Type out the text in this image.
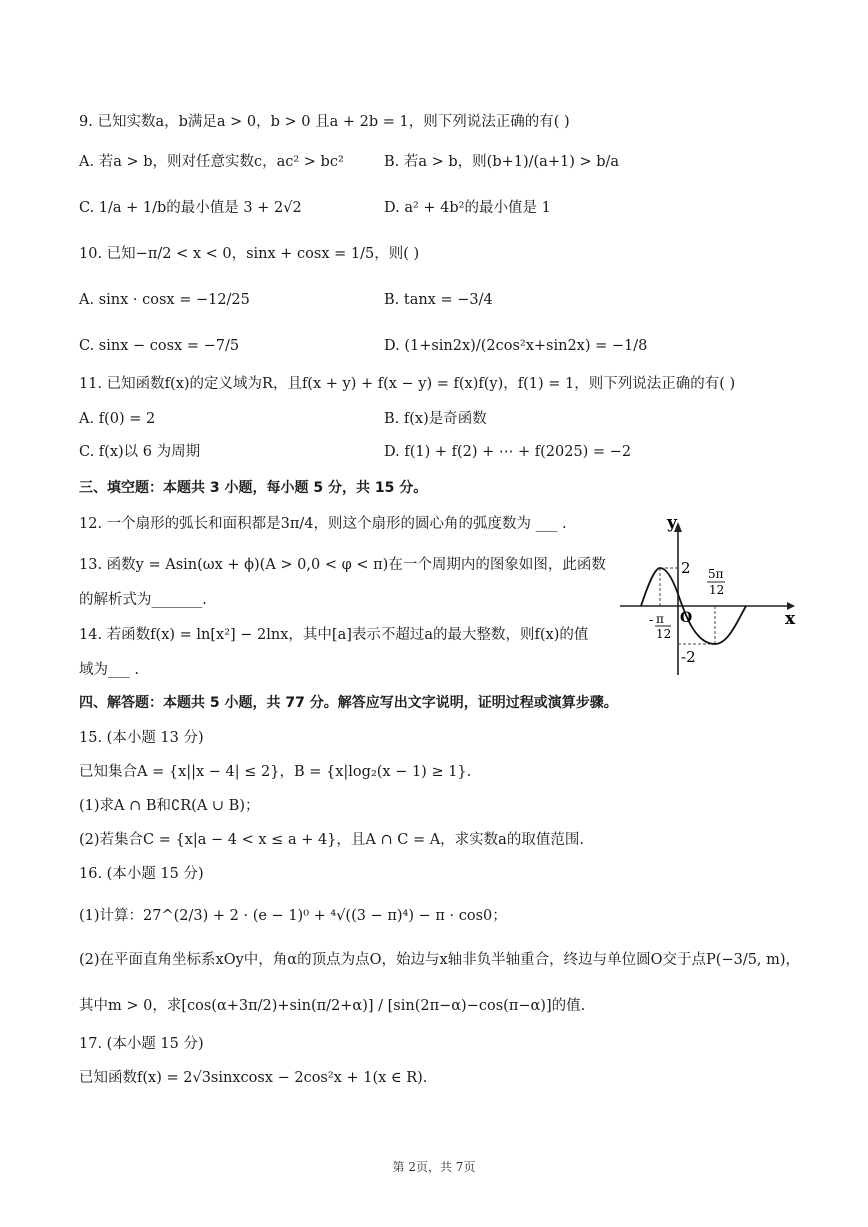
9. 已知实数a，b满足a > 0，b > 0 且a + 2b = 1，则下列说法正确的有( )
A. 若a > b，则对任意实数c，ac² > bc²	B. 若a > b，则(b+1)/(a+1) > b/a
C. 1/a + 1/b的最小值是 3 + 2√2	D. a² + 4b²的最小值是 1
10. 已知−π/2 < x < 0，sinx + cosx = 1/5，则( )
A. sinx · cosx = −12/25	B. tanx = −3/4
C. sinx − cosx = −7/5	D. (1+sin2x)/(2cos²x+sin2x) = −1/8
11. 已知函数f(x)的定义域为R，且f(x + y) + f(x − y) = f(x)f(y)，f(1) = 1，则下列说法正确的有( )
A. f(0) = 2	B. f(x)是奇函数
C. f(x)以 6 为周期	D. f(1) + f(2) + ⋯ + f(2025) = −2
三、填空题：本题共 3 小题，每小题 5 分，共 15 分。
12. 一个扇形的弧长和面积都是3π/4，则这个扇形的圆心角的弧度数为 ___ .
13. 函数y = Asin(ωx + ϕ)(A > 0,0 < φ < π)在一个周期内的图象如图，此函数
的解析式为_______.
14. 若函数f(x) = ln[x²] − 2lnx，其中[a]表示不超过a的最大整数，则f(x)的值
域为___ .
x
y
2
-2
O
- π
12
5π
12
四、解答题：本题共 5 小题，共 77 分。解答应写出文字说明，证明过程或演算步骤。
15. (本小题 13 分)
已知集合A = {x||x − 4| ≤ 2}，B = {x|log₂(x − 1) ≥ 1}.
(1)求A ∩ B和∁R(A ∪ B)；
(2)若集合C = {x|a − 4 < x ≤ a + 4}，且A ∩ C = A，求实数a的取值范围.
16. (本小题 15 分)
(1)计算：27^(2/3) + 2 · (e − 1)⁰ + ⁴√((3 − π)⁴) − π · cos0；
(2)在平面直角坐标系xOy中，角α的顶点为点O，始边与x轴非负半轴重合，终边与单位圆O交于点P(−3/5, m)，
其中m > 0，求[cos(α+3π/2)+sin(π/2+α)] / [sin(2π−α)−cos(π−α)]的值.
17. (本小题 15 分)
已知函数f(x) = 2√3sinxcosx − 2cos²x + 1(x ∈ R).
第 2页，共 7页
